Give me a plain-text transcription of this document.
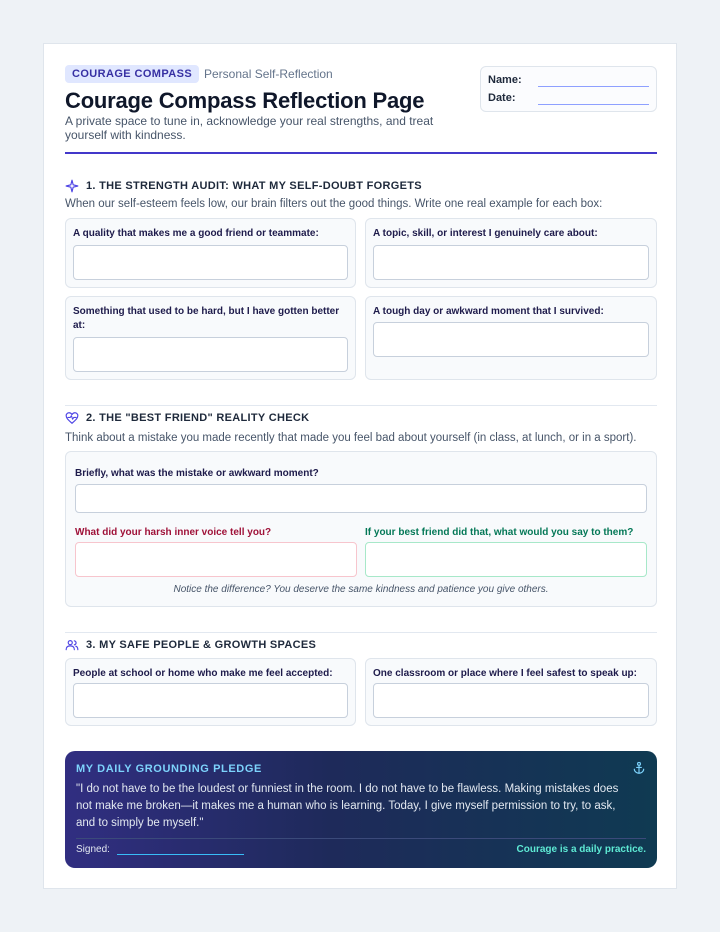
COURAGE COMPASS Personal Self-Reflection
Courage Compass Reflection Page
A private space to tune in, acknowledge your real strengths, and treat yourself with kindness.
Name:
Date:
1. THE STRENGTH AUDIT: WHAT MY SELF-DOUBT FORGETS
When our self-esteem feels low, our brain filters out the good things. Write one real example for each box:
A quality that makes me a good friend or teammate:	A topic, skill, or interest I genuinely care about:
Something that used to be hard, but I have gotten better at:
A tough day or awkward moment that I survived:
2. THE "BEST FRIEND" REALITY CHECK
Think about a mistake you made recently that made you feel bad about yourself (in class, at lunch, or in a sport).
Briefly, what was the mistake or awkward moment?
What did your harsh inner voice tell you?	If your best friend did that, what would you say to them?
Notice the difference? You deserve the same kindness and patience you give others.
3. MY SAFE PEOPLE & GROWTH SPACES
People at school or home who make me feel accepted:	One classroom or place where I feel safest to speak up:
MY DAILY GROUNDING PLEDGE
"I do not have to be the loudest or funniest in the room. I do not have to be flawless. Making mistakes does not make me broken—it makes me a human who is learning. Today, I give myself permission to try, to ask, and to simply be myself."
Signed:	Courage is a daily practice.
